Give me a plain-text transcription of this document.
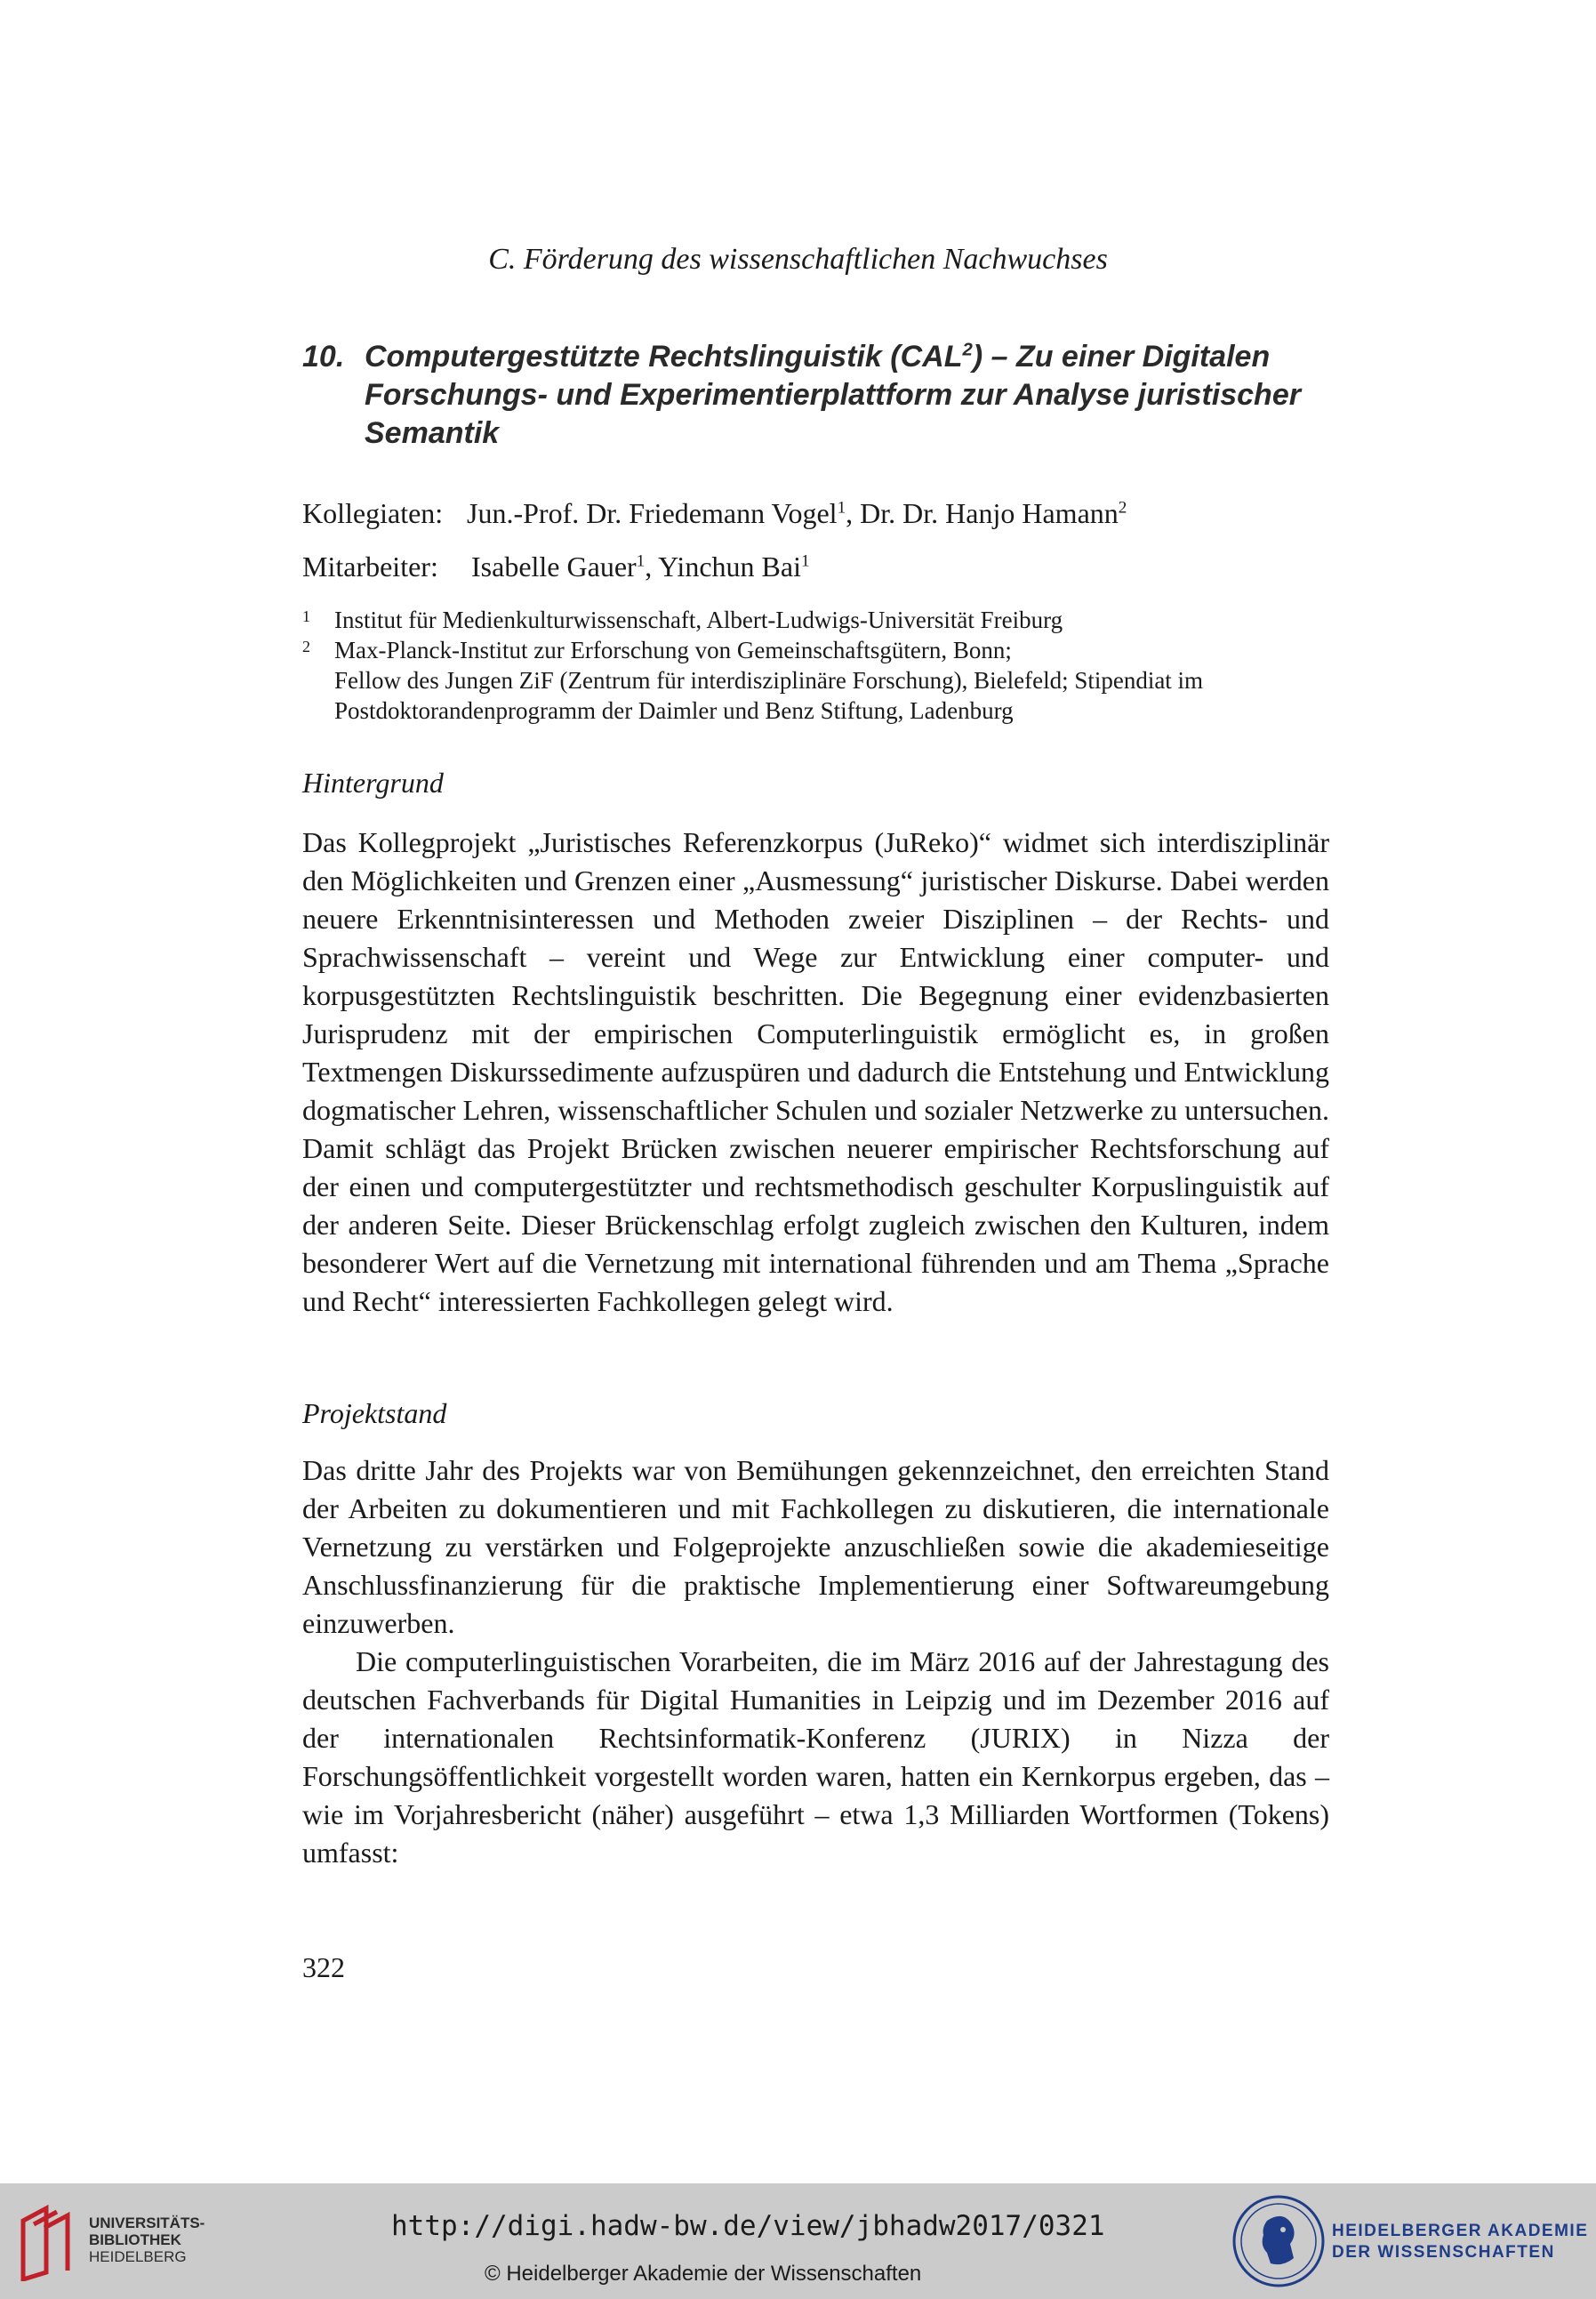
C. Förderung des wissenschaftlichen Nachwuchses
10. Computergestützte Rechtslinguistik (CAL$^2$) – Zu einer Digitalen
Forschungs- und Experimentierplattform zur Analyse juristischer
Semantik
Kollegiaten: Jun.-Prof. Dr. Friedemann Vogel$^1$, Dr. Dr. Hanjo Hamann$^2$
Mitarbeiter: Isabelle Gauer$^1$, Yinchun Bai$^1$
1 Institut für Medienkulturwissenschaft, Albert-Ludwigs-Universität Freiburg
2 Max-Planck-Institut zur Erforschung von Gemeinschaftsgütern, Bonn;
Fellow des Jungen ZiF (Zentrum für interdisziplinäre Forschung), Bielefeld; Stipendiat im
Postdoktorandenprogramm der Daimler und Benz Stiftung, Ladenburg
Hintergrund

Das Kollegprojekt „Juristisches Referenzkorpus (JuReko)“ widmet sich interdisziplinär den Möglichkeiten und Grenzen einer „Ausmessung“ juristischer Diskurse. Dabei werden neuere Erkenntnisinteressen und Methoden zweier Disziplinen – der Rechts- und Sprachwissenschaft – vereint und Wege zur Entwicklung einer computer- und korpusgestützten Rechtslinguistik beschritten. Die Begegnung einer evidenzbasierten Jurisprudenz mit der empirischen Computerlinguistik ermöglicht es, in großen Textmengen Diskurssedimente aufzuspüren und dadurch die Entstehung und Entwicklung dogmatischer Lehren, wissenschaftlicher Schulen und sozialer Netzwerke zu untersuchen. Damit schlägt das Projekt Brücken zwischen neuerer empirischer Rechtsforschung auf der einen und computergestützter und rechtsmethodisch geschulter Korpuslinguistik auf der anderen Seite. Dieser Brückenschlag erfolgt zugleich zwischen den Kulturen, indem besonderer Wert auf die Vernetzung mit international führenden und am Thema „Sprache und Recht“ interessierten Fachkollegen gelegt wird.

Projektstand

Das dritte Jahr des Projekts war von Bemühungen gekennzeichnet, den erreichten Stand der Arbeiten zu dokumentieren und mit Fachkollegen zu diskutieren, die internationale Vernetzung zu verstärken und Folgeprojekte anzuschließen sowie die akademieseitige Anschlussfinanzierung für die praktische Implementierung einer Softwareumgebung einzuwerben.

Die computerlinguistischen Vorarbeiten, die im März 2016 auf der Jahrestagung des deutschen Fachverbands für Digital Humanities in Leipzig und im Dezember 2016 auf der internationalen Rechtsinformatik-Konferenz (JURIX) in Nizza der Forschungsöffentlichkeit vorgestellt worden waren, hatten ein Kernkorpus ergeben, das – wie im Vorjahresbericht (näher) ausgeführt – etwa 1,3 Milliarden Wortformen (Tokens) umfasst:

322
UNIVERSITÄTS-
BIBLIOTHEK
HEIDELBERG
http://digi.hadw-bw.de/view/jbhadw2017/0321
© Heidelberger Akademie der Wissenschaften
HEIDELBERGER AKADEMIE
DER WISSENSCHAFTEN
